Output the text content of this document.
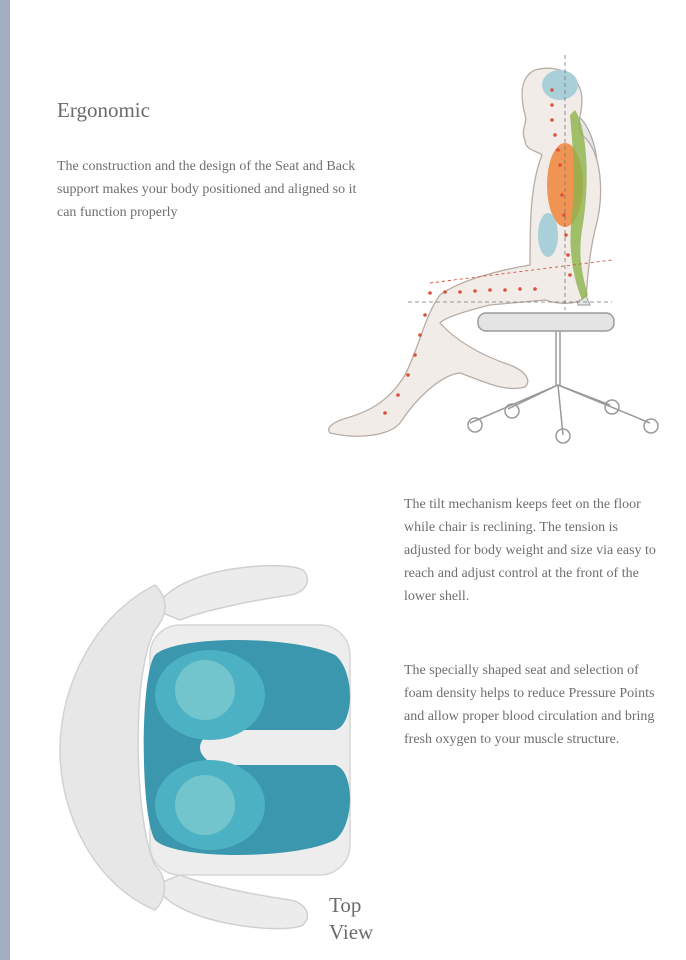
Ergonomic

The construction and the design of the Seat and Back support makes your body positioned and aligned so it can function properly

The tilt mechanism keeps feet on the floor while chair is reclining. The tension is adjusted for body weight and size via easy to reach and adjust control at the front of the lower shell.

The specially shaped seat and selection of foam density helps to reduce Pressure Points and allow proper blood circulation and bring fresh oxygen to your muscle structure.

Top
View
